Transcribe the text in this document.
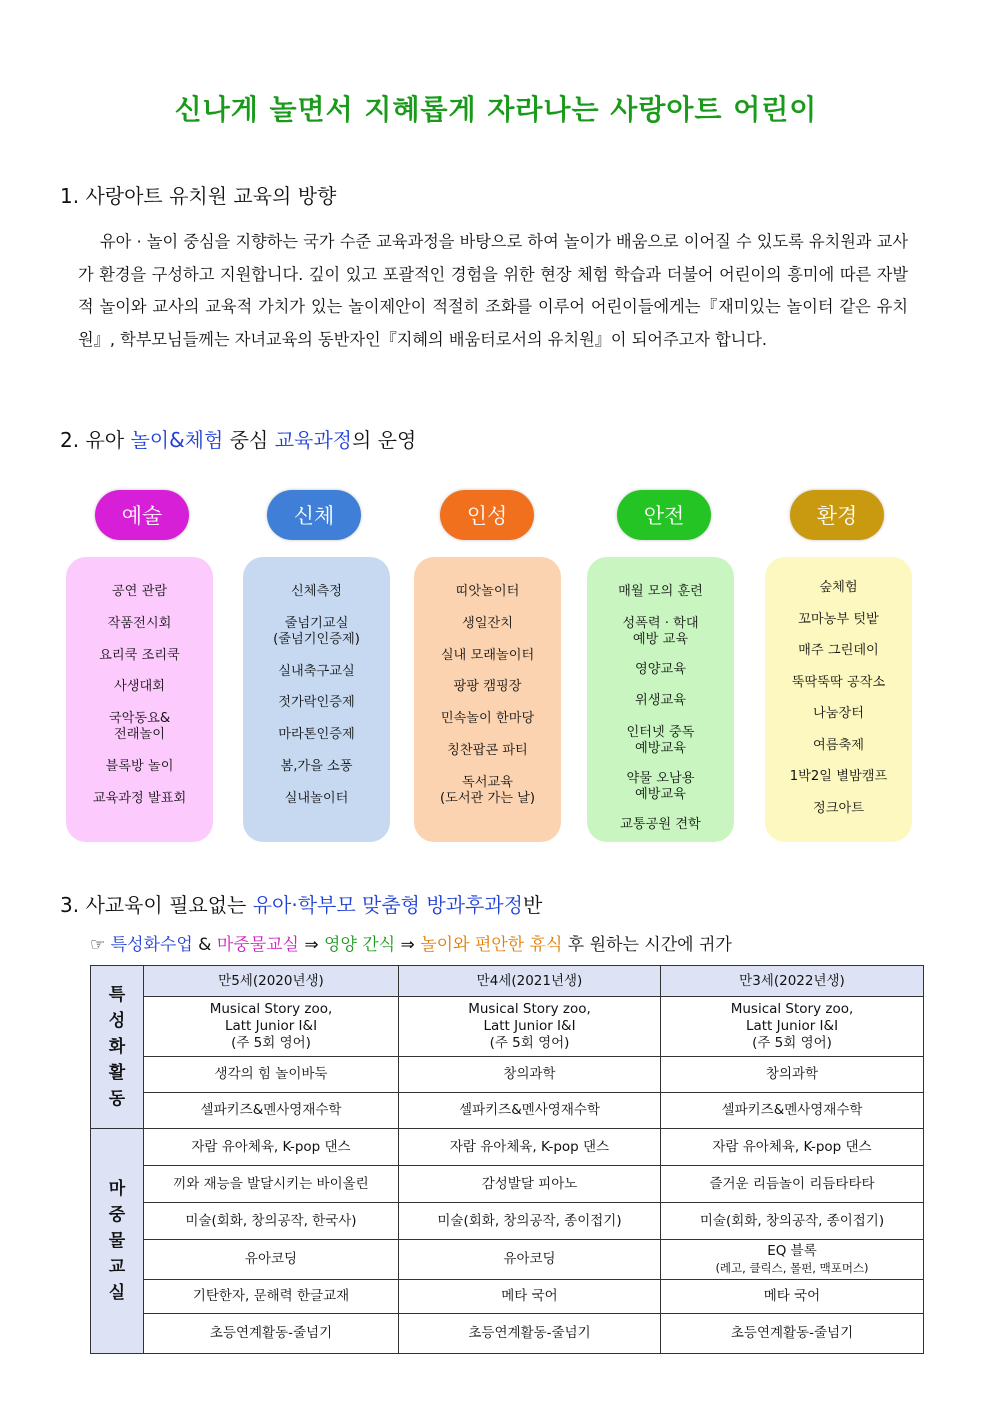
신나게 놀면서 지혜롭게 자라나는 사랑아트 어린이
1. 사랑아트 유치원 교육의 방향
유아 · 놀이 중심을 지향하는 국가 수준 교육과정을 바탕으로 하여 놀이가 배움으로 이어질 수 있도록 유치원과 교사가 환경을 구성하고 지원합니다. 깊이 있고 포괄적인 경험을 위한 현장 체험 학습과 더불어 어린이의 흥미에 따른 자발적 놀이와 교사의 교육적 가치가 있는 놀이제안이 적절히 조화를 이루어 어린이들에게는『재미있는 놀이터 같은 유치원』, 학부모님들께는 자녀교육의 동반자인『지혜의 배움터로서의 유치원』이 되어주고자 합니다.
2. 유아 놀이&체험 중심 교육과정의 운영
예술
공연 관람
작품전시회
요리쿡 조리쿡
사생대회
국악동요&
전래놀이
블록방 놀이
교육과정 발표회
신체
신체측정
줄넘기교실
(줄넘기인증제)
실내축구교실
젓가락인증제
마라톤인증제
봄,가을 소풍
실내놀이터
인성
띠앗놀이터
생일잔치
실내 모래놀이터
팡팡 캠핑장
민속놀이 한마당
칭찬팝콘 파티
독서교육
(도서관 가는 날)
안전
매월 모의 훈련
성폭력 · 학대
예방 교육
영양교육
위생교육
인터넷 중독
예방교육
약물 오남용
예방교육
교통공원 견학
환경
숲체험
꼬마농부 텃밭
매주 그린데이
뚝딱뚝딱 공작소
나눔장터
여름축제
1박2일 별밤캠프
정크아트
3. 사교육이 필요없는 유아·학부모 맞춤형 방과후과정반
☞ 특성화수업 & 마중물교실 ⇒ 영양 간식 ⇒ 놀이와 편안한 휴식 후 원하는 시간에 귀가
특
성
화
활
동	만5세(2020년생)	만4세(2021년생)	만3세(2022년생)
	Musical Story zoo,
Latt Junior I&I
(주 5회 영어)	Musical Story zoo,
Latt Junior I&I
(주 5회 영어)	Musical Story zoo,
Latt Junior I&I
(주 5회 영어)
	생각의 힘 놀이바둑	창의과학	창의과학
	셀파키즈&멘사영재수학	셀파키즈&멘사영재수학	셀파키즈&멘사영재수학
마
중
물
교
실	자람 유아체육, K-pop 댄스	자람 유아체육, K-pop 댄스	자람 유아체육, K-pop 댄스
	끼와 재능을 발달시키는 바이올린	감성발달 피아노	즐거운 리듬놀이 리듬타타타
	미술(회화, 창의공작, 한국사)	미술(회화, 창의공작, 종이접기)	미술(회화, 창의공작, 종이접기)
	유아코딩	유아코딩	EQ 블록
(레고, 클릭스, 몰펀, 맥포머스)
	기탄한자, 문해력 한글교재	메타 국어	메타 국어
	초등연계활동-줄넘기	초등연계활동-줄넘기	초등연계활동-줄넘기
